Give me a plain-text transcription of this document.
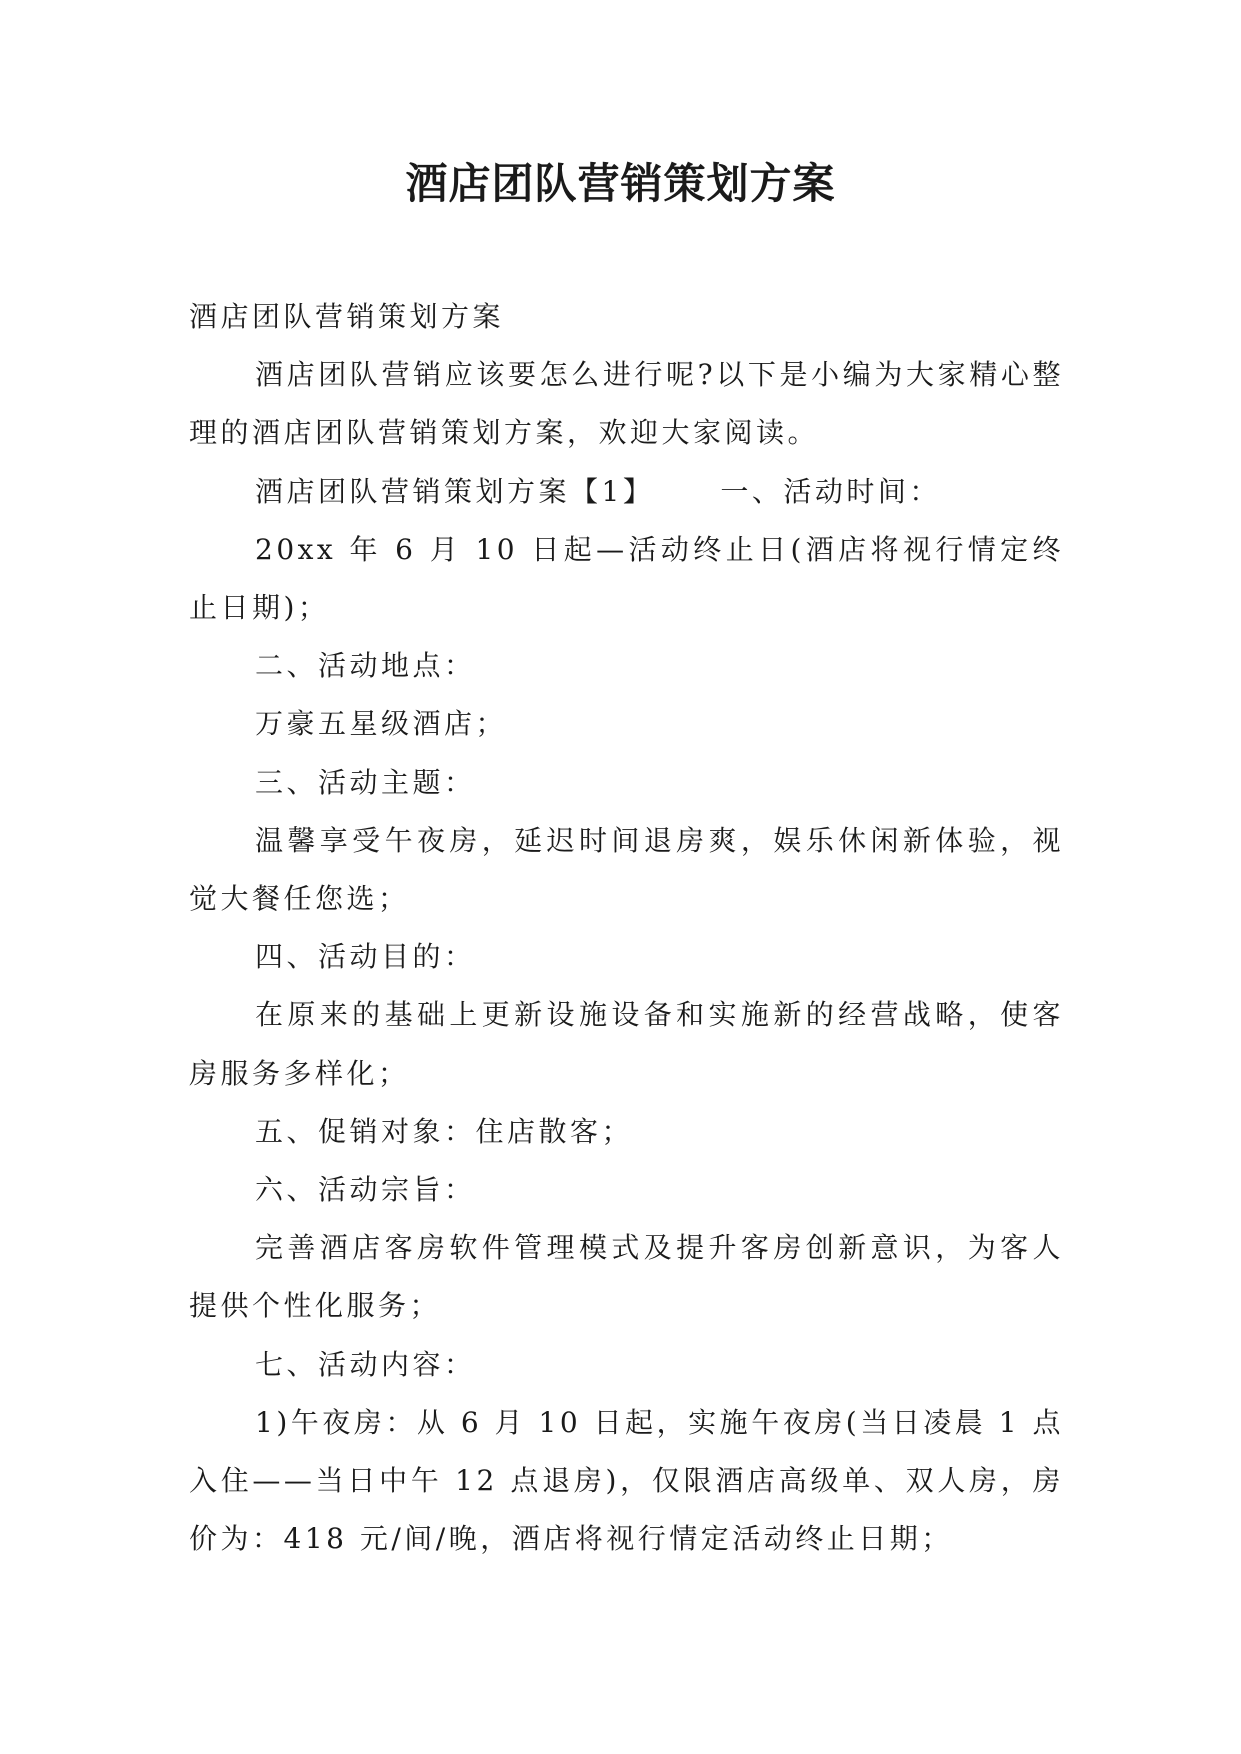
酒店团队营销策划方案

酒店团队营销策划方案

酒店团队营销应该要怎么进行呢?以下是小编为大家精心整理的酒店团队营销策划方案，欢迎大家阅读。

酒店团队营销策划方案【1】 一、活动时间：

20xx 年 6 月 10 日起—活动终止日(酒店将视行情定终止日期)；

二、活动地点：

万豪五星级酒店；

三、活动主题：

温馨享受午夜房，延迟时间退房爽，娱乐休闲新体验，视觉大餐任您选；

四、活动目的：

在原来的基础上更新设施设备和实施新的经营战略，使客房服务多样化；

五、促销对象：住店散客；

六、活动宗旨：

完善酒店客房软件管理模式及提升客房创新意识，为客人提供个性化服务；

七、活动内容：

1)午夜房：从 6 月 10 日起，实施午夜房(当日凌晨 1 点入住——当日中午 12 点退房)，仅限酒店高级单、双人房，房价为：418 元/间/晚，酒店将视行情定活动终止日期；
